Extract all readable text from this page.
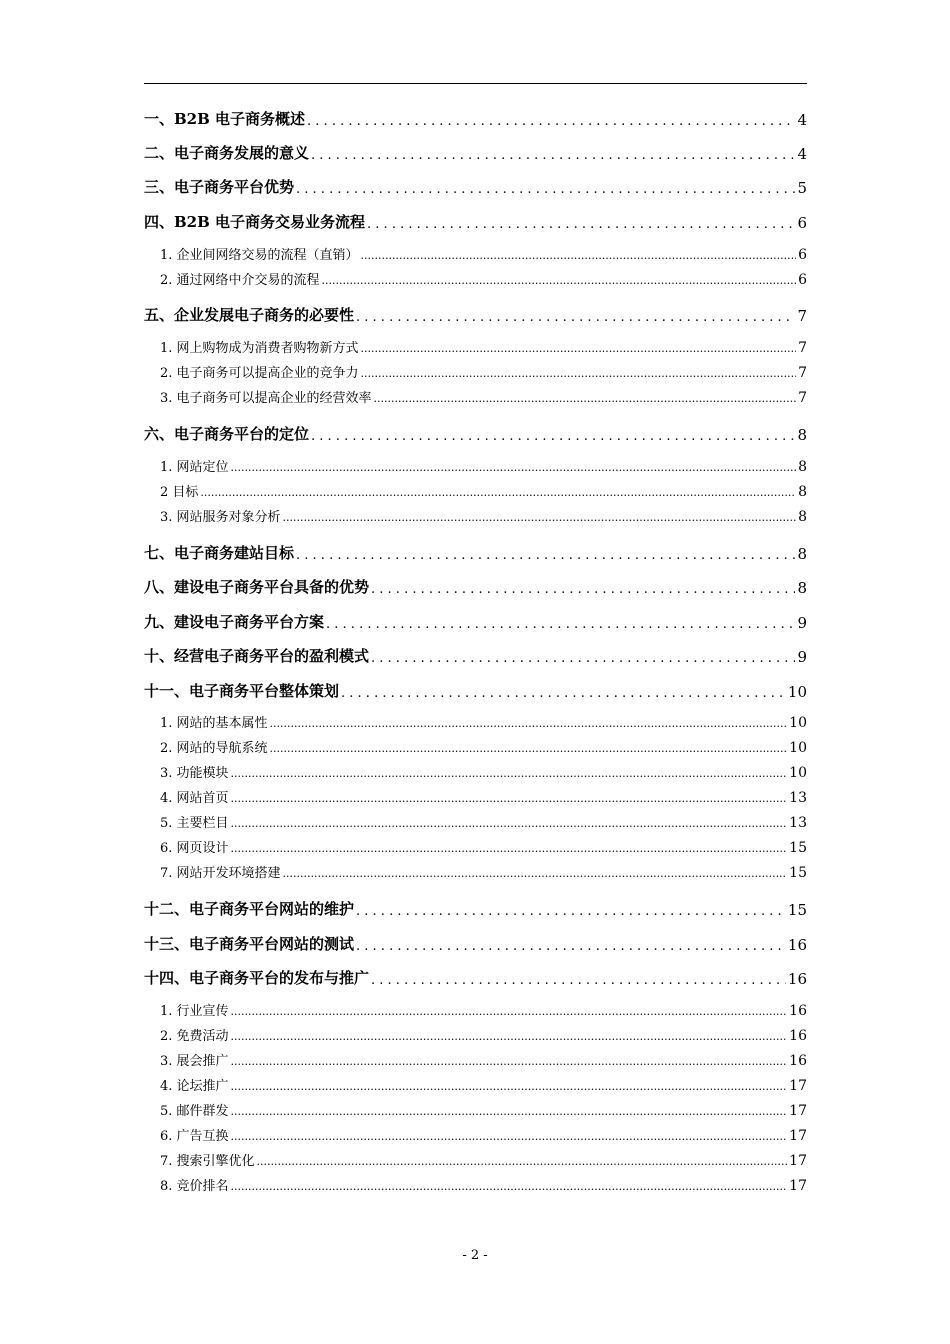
一、B2B 电子商务概述 . . .	4
二、电子商务发展的意义 . . .	4
三、电子商务平台优势 . . .	5
四、B2B 电子商务交易业务流程 . . .	6
1. 企业间网络交易的流程（直销） .....	6
2. 通过网络中介交易的流程 .....	6
五、企业发展电子商务的必要性 . . .	7
1. 网上购物成为消费者购物新方式 .....	7
2. 电子商务可以提高企业的竞争力 .....	7
3. 电子商务可以提高企业的经营效率 .....	7
六、电子商务平台的定位 . . .	8
1. 网站定位 .....	8
2 目标 .....	8
3. 网站服务对象分析 .....	8
七、电子商务建站目标 . . .	8
八、建设电子商务平台具备的优势 . . .	8
九、建设电子商务平台方案 . . .	9
十、经营电子商务平台的盈利模式 . . .	9
十一、电子商务平台整体策划 . . .	10
1. 网站的基本属性 .....	10
2. 网站的导航系统 .....	10
3. 功能模块 .....	10
4. 网站首页 .....	13
5. 主要栏目 .....	13
6. 网页设计 .....	15
7. 网站开发环境搭建 .....	15
十二、电子商务平台网站的维护 . . .	15
十三、电子商务平台网站的测试 . . .	16
十四、电子商务平台的发布与推广 . . .	16
1. 行业宣传 .....	16
2. 免费活动 .....	16
3. 展会推广 .....	16
4. 论坛推广 .....	17
5. 邮件群发 .....	17
6. 广告互换 .....	17
7. 搜索引擎优化 .....	17
8. 竞价排名 .....	17
- 2 -
